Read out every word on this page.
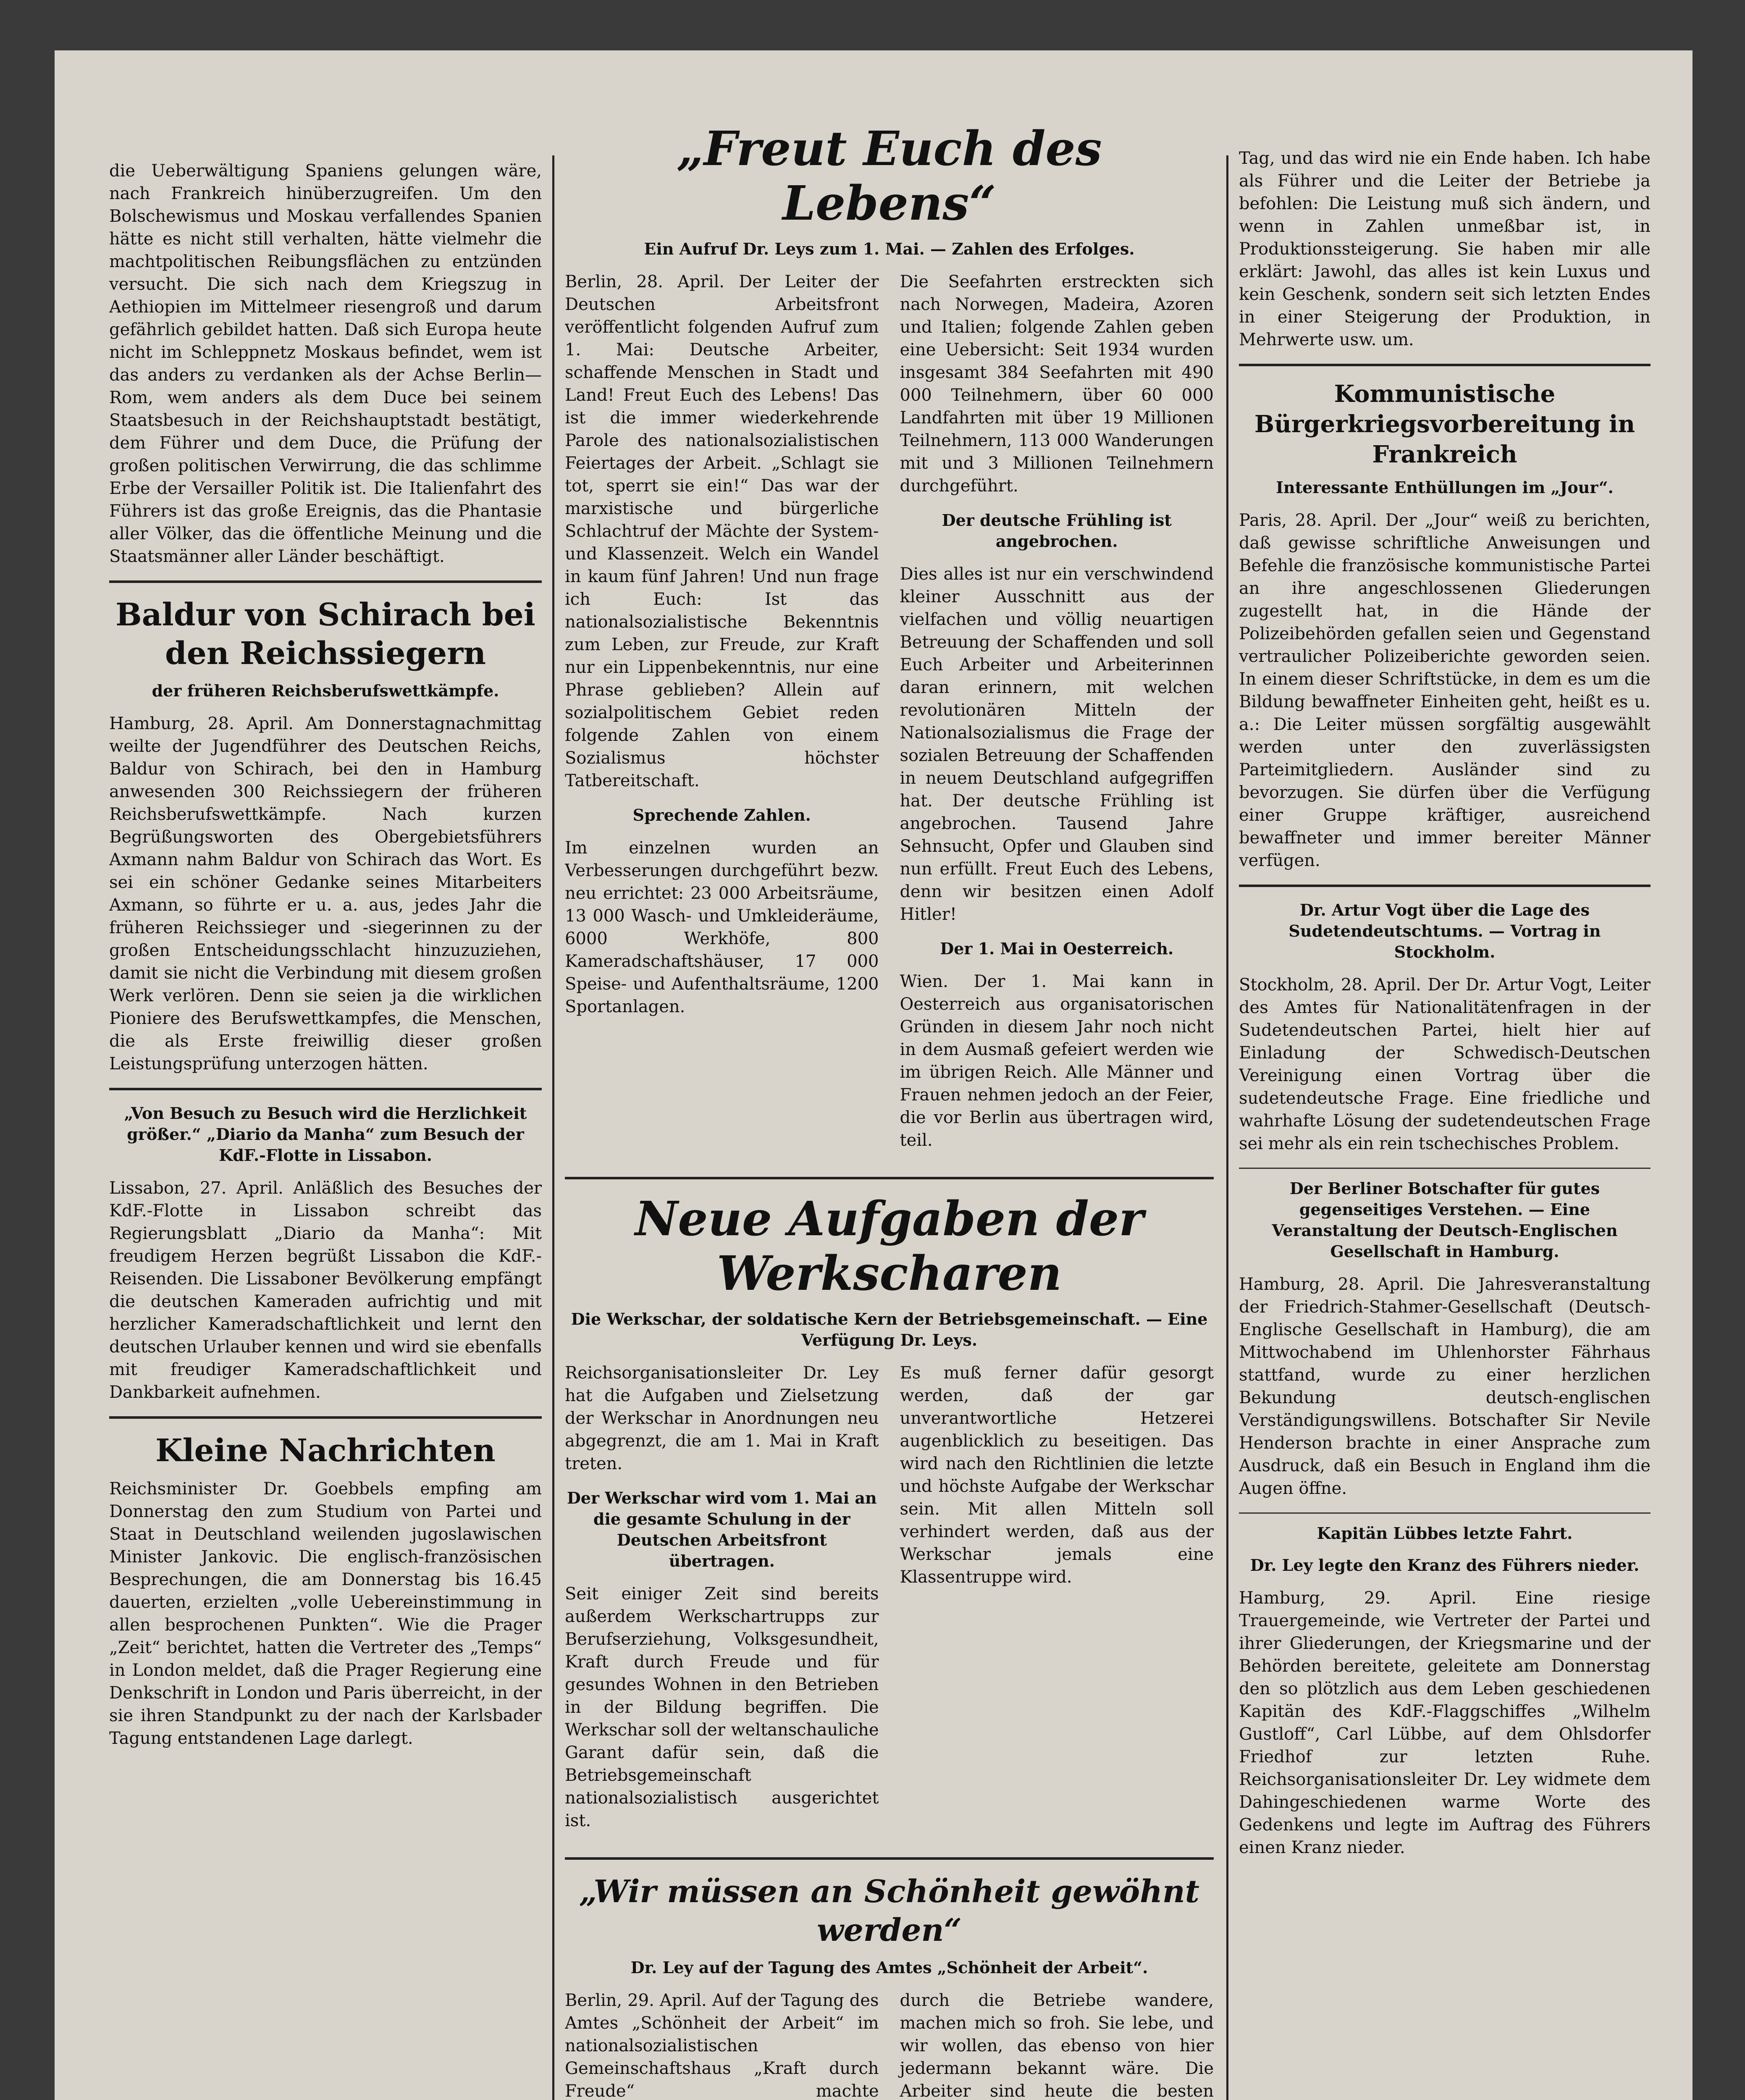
die Ueberwältigung Spaniens gelungen wäre, nach Frankreich hinüberzugreifen. Um den Bolschewismus und Moskau verfallendes Spanien hätte es nicht still verhalten, hätte vielmehr die machtpolitischen Reibungsflächen zu entzünden versucht. Die sich nach dem Kriegszug in Aethiopien im Mittelmeer riesengroß und darum gefährlich gebildet hatten. Daß sich Europa heute nicht im Schleppnetz Moskaus befindet, wem ist das anders zu verdanken als der Achse Berlin—Rom, wem anders als dem Duce bei seinem Staatsbesuch in der Reichshauptstadt bestätigt, dem Führer und dem Duce, die Prüfung der großen politischen Verwirrung, die das schlimme Erbe der Versailler Politik ist. Die Italienfahrt des Führers ist das große Ereignis, das die Phantasie aller Völker, das die öffentliche Meinung und die Staatsmänner aller Länder beschäftigt.

Baldur von Schirach bei den Reichssiegern
der früheren Reichsberufswettkämpfe.

Hamburg, 28. April. Am Donnerstagnachmittag weilte der Jugendführer des Deutschen Reichs, Baldur von Schirach, bei den in Hamburg anwesenden 300 Reichssiegern der früheren Reichsberufswettkämpfe. Nach kurzen Begrüßungsworten des Obergebietsführers Axmann nahm Baldur von Schirach das Wort. Es sei ein schöner Gedanke seines Mitarbeiters Axmann, so führte er u. a. aus, jedes Jahr die früheren Reichssieger und -siegerinnen zu der großen Entscheidungsschlacht hinzuzuziehen, damit sie nicht die Verbindung mit diesem großen Werk verlören. Denn sie seien ja die wirklichen Pioniere des Berufswettkampfes, die Menschen, die als Erste freiwillig dieser großen Leistungsprüfung unterzogen hätten.

„Von Besuch zu Besuch wird die Herzlichkeit größer.“ „Diario da Manha“ zum Besuch der KdF.-Flotte in Lissabon.

Lissabon, 27. April. Anläßlich des Besuches der KdF.-Flotte in Lissabon schreibt das Regierungsblatt „Diario da Manha“: Mit freudigem Herzen begrüßt Lissabon die KdF.-Reisenden. Die Lissaboner Bevölkerung empfängt die deutschen Kameraden aufrichtig und mit herzlicher Kameradschaftlichkeit und lernt den deutschen Urlauber kennen und wird sie ebenfalls mit freudiger Kameradschaftlichkeit und Dankbarkeit aufnehmen.

Kleine Nachrichten

Reichsminister Dr. Goebbels empfing am Donnerstag den zum Studium von Partei und Staat in Deutschland weilenden jugoslawischen Minister Jankovic. Die englisch-französischen Besprechungen, die am Donnerstag bis 16.45 dauerten, erzielten „volle Uebereinstimmung in allen besprochenen Punkten“. Wie die Prager „Zeit“ berichtet, hatten die Vertreter des „Temps“ in London meldet, daß die Prager Regierung eine Denkschrift in London und Paris überreicht, in der sie ihren Standpunkt zu der nach der Karlsbader Tagung entstandenen Lage darlegt.

„Freut Euch des Lebens“
Ein Aufruf Dr. Leys zum 1. Mai. — Zahlen des Erfolges.

Berlin, 28. April. Der Leiter der Deutschen Arbeitsfront veröffentlicht folgenden Aufruf zum 1. Mai: Deutsche Arbeiter, schaffende Menschen in Stadt und Land! Freut Euch des Lebens! Das ist die immer wiederkehrende Parole des nationalsozialistischen Feiertages der Arbeit. „Schlagt sie tot, sperrt sie ein!“ Das war der marxistische und bürgerliche Schlachtruf der Mächte der System- und Klassenzeit. Welch ein Wandel in kaum fünf Jahren! Und nun frage ich Euch: Ist das nationalsozialistische Bekenntnis zum Leben, zur Freude, zur Kraft nur ein Lippenbekenntnis, nur eine Phrase geblieben? Allein auf sozialpolitischem Gebiet reden folgende Zahlen von einem Sozialismus höchster Tatbereitschaft.

Sprechende Zahlen.

Im einzelnen wurden an Verbesserungen durchgeführt bezw. neu errichtet: 23 000 Arbeitsräume, 13 000 Wasch- und Umkleideräume, 6000 Werkhöfe, 800 Kameradschaftshäuser, 17 000 Speise- und Aufenthaltsräume, 1200 Sportanlagen.

Die Seefahrten erstreckten sich nach Norwegen, Madeira, Azoren und Italien; folgende Zahlen geben eine Uebersicht: Seit 1934 wurden insgesamt 384 Seefahrten mit 490 000 Teilnehmern, über 60 000 Landfahrten mit über 19 Millionen Teilnehmern, 113 000 Wanderungen mit und 3 Millionen Teilnehmern durchgeführt.

Der deutsche Frühling ist angebrochen.

Dies alles ist nur ein verschwindend kleiner Ausschnitt aus der vielfachen und völlig neuartigen Betreuung der Schaffenden und soll Euch Arbeiter und Arbeiterinnen daran erinnern, mit welchen revolutionären Mitteln der Nationalsozialismus die Frage der sozialen Betreuung der Schaffenden in neuem Deutschland aufgegriffen hat. Der deutsche Frühling ist angebrochen. Tausend Jahre Sehnsucht, Opfer und Glauben sind nun erfüllt. Freut Euch des Lebens, denn wir besitzen einen Adolf Hitler!

Der 1. Mai in Oesterreich.

Wien. Der 1. Mai kann in Oesterreich aus organisatorischen Gründen in diesem Jahr noch nicht in dem Ausmaß gefeiert werden wie im übrigen Reich. Alle Männer und Frauen nehmen jedoch an der Feier, die vor Berlin aus übertragen wird, teil.

Neue Aufgaben der Werkscharen
Die Werkschar, der soldatische Kern der Betriebsgemeinschaft. — Eine Verfügung Dr. Leys.

Reichsorganisationsleiter Dr. Ley hat die Aufgaben und Zielsetzung der Werkschar in Anordnungen neu abgegrenzt, die am 1. Mai in Kraft treten.

Der Werkschar wird vom 1. Mai an die gesamte Schulung in der Deutschen Arbeitsfront übertragen.

Seit einiger Zeit sind bereits außerdem Werkschartrupps zur Berufserziehung, Volksgesundheit, Kraft durch Freude und für gesundes Wohnen in den Betrieben in der Bildung begriffen. Die Werkschar soll der weltanschauliche Garant dafür sein, daß die Betriebsgemeinschaft nationalsozialistisch ausgerichtet ist.

Es muß ferner dafür gesorgt werden, daß der gar unverantwortliche Hetzerei augenblicklich zu beseitigen. Das wird nach den Richtlinien die letzte und höchste Aufgabe der Werkschar sein. Mit allen Mitteln soll verhindert werden, daß aus der Werkschar jemals eine Klassentruppe wird.

„Wir müssen an Schönheit gewöhnt werden“
Dr. Ley auf der Tagung des Amtes „Schönheit der Arbeit“.

Berlin, 29. April. Auf der Tagung des Amtes „Schönheit der Arbeit“ im nationalsozialistischen Gemeinschaftshaus „Kraft durch Freude“ machte

durch die Betriebe wandere, machen mich so froh. Sie lebe, und wir wollen, das ebenso von hier jedermann bekannt wäre. Die Arbeiter sind heute die besten

Tag, und das wird nie ein Ende haben. Ich habe als Führer und die Leiter der Betriebe ja befohlen: Die Leistung muß sich ändern, und wenn in Zahlen unmeßbar ist, in Produktionssteigerung. Sie haben mir alle erklärt: Jawohl, das alles ist kein Luxus und kein Geschenk, sondern seit sich letzten Endes in einer Steigerung der Produktion, in Mehrwerte usw. um.

Kommunistische Bürgerkriegsvorbereitung in Frankreich
Interessante Enthüllungen im „Jour“.

Paris, 28. April. Der „Jour“ weiß zu berichten, daß gewisse schriftliche Anweisungen und Befehle die französische kommunistische Partei an ihre angeschlossenen Gliederungen zugestellt hat, in die Hände der Polizeibehörden gefallen seien und Gegenstand vertraulicher Polizeiberichte geworden seien. In einem dieser Schriftstücke, in dem es um die Bildung bewaffneter Einheiten geht, heißt es u. a.: Die Leiter müssen sorgfältig ausgewählt werden unter den zuverlässigsten Parteimitgliedern. Ausländer sind zu bevorzugen. Sie dürfen über die Verfügung einer Gruppe kräftiger, ausreichend bewaffneter und immer bereiter Männer verfügen.

Dr. Artur Vogt über die Lage des Sudetendeutschtums. — Vortrag in Stockholm.

Stockholm, 28. April. Der Dr. Artur Vogt, Leiter des Amtes für Nationalitätenfragen in der Sudetendeutschen Partei, hielt hier auf Einladung der Schwedisch-Deutschen Vereinigung einen Vortrag über die sudetendeutsche Frage. Eine friedliche und wahrhafte Lösung der sudetendeutschen Frage sei mehr als ein rein tschechisches Problem.

Der Berliner Botschafter für gutes gegenseitiges Verstehen. — Eine Veranstaltung der Deutsch-Englischen Gesellschaft in Hamburg.

Hamburg, 28. April. Die Jahresveranstaltung der Friedrich-Stahmer-Gesellschaft (Deutsch-Englische Gesellschaft in Hamburg), die am Mittwochabend im Uhlenhorster Fährhaus stattfand, wurde zu einer herzlichen Bekundung deutsch-englischen Verständigungswillens. Botschafter Sir Nevile Henderson brachte in einer Ansprache zum Ausdruck, daß ein Besuch in England ihm die Augen öffne.

Kapitän Lübbes letzte Fahrt.
Dr. Ley legte den Kranz des Führers nieder.

Hamburg, 29. April. Eine riesige Trauergemeinde, wie Vertreter der Partei und ihrer Gliederungen, der Kriegsmarine und der Behörden bereitete, geleitete am Donnerstag den so plötzlich aus dem Leben geschiedenen Kapitän des KdF.-Flaggschiffes „Wilhelm Gustloff“, Carl Lübbe, auf dem Ohlsdorfer Friedhof zur letzten Ruhe. Reichsorganisationsleiter Dr. Ley widmete dem Dahingeschiedenen warme Worte des Gedenkens und legte im Auftrag des Führers einen Kranz nieder.
